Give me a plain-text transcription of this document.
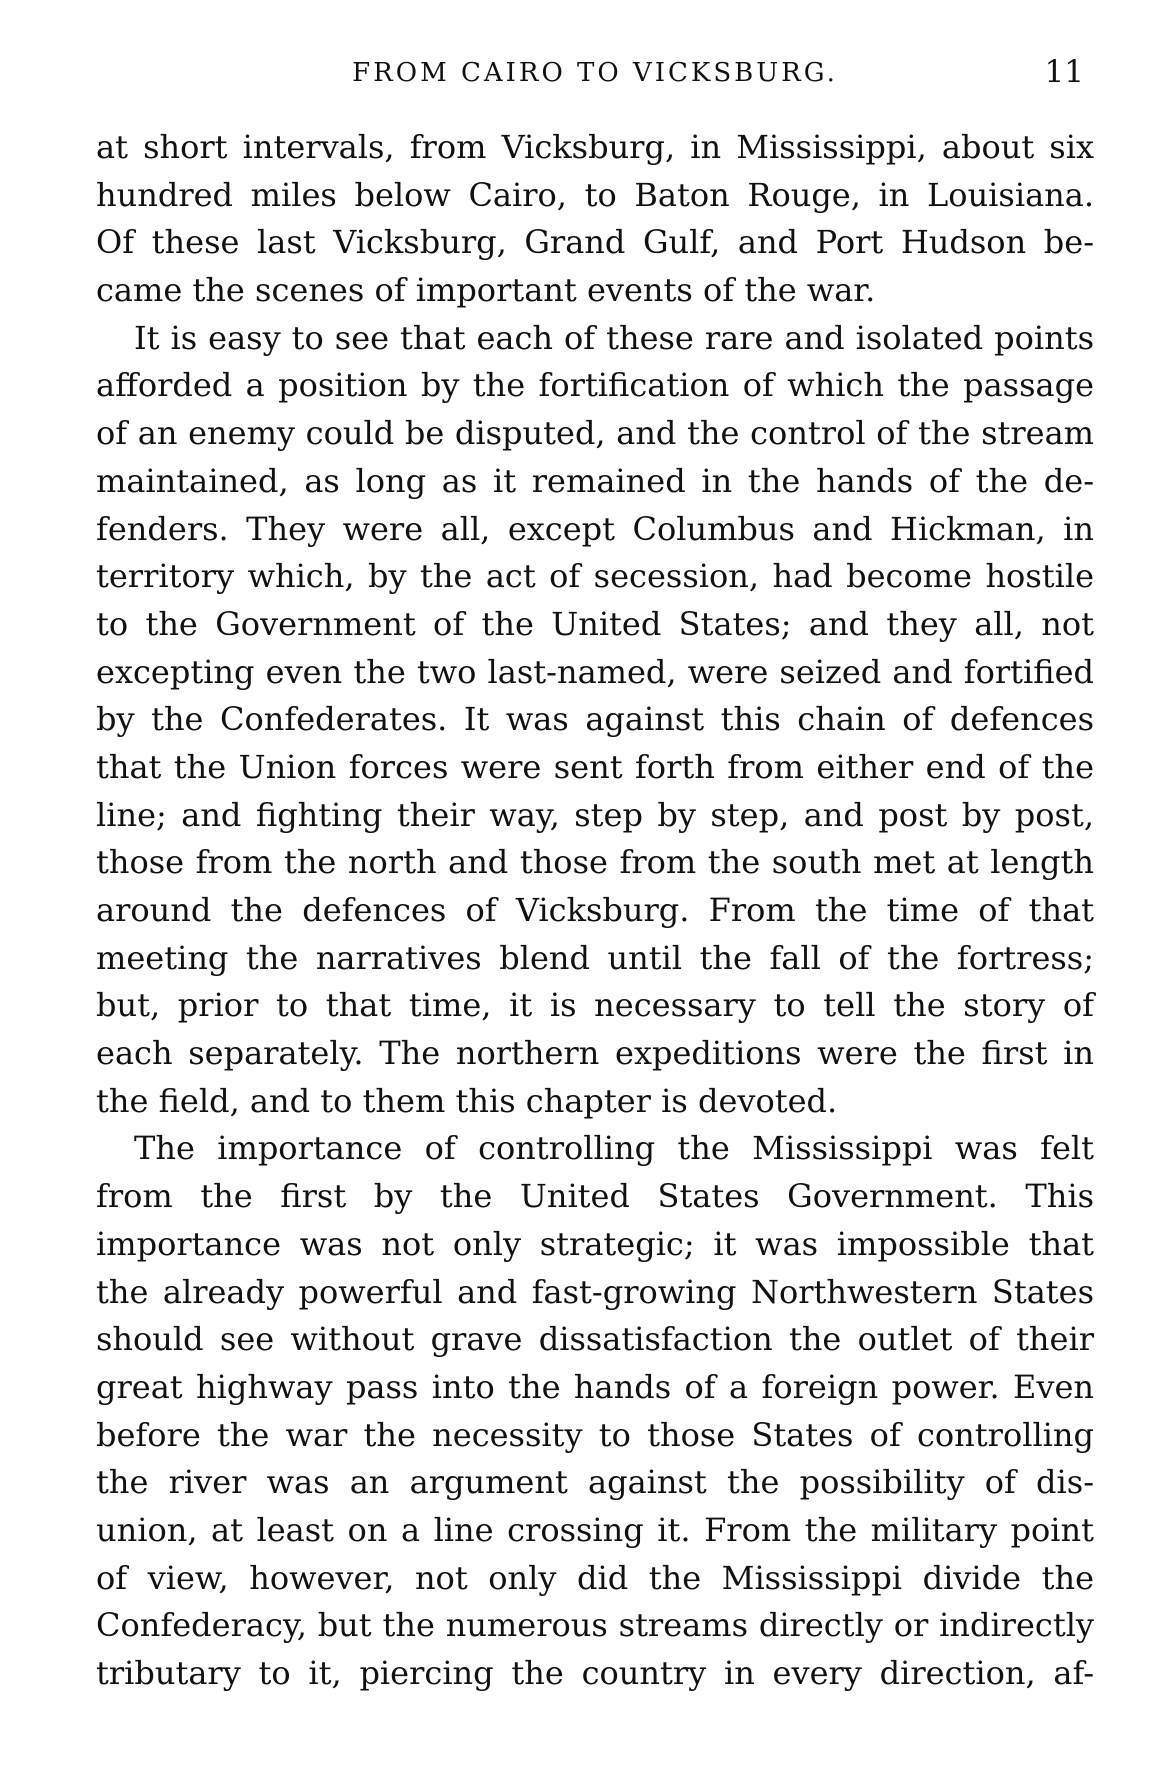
FROM CAIRO TO VICKSBURG.	11
at short intervals, from Vicksburg, in Mississippi, about six
hundred miles below Cairo, to Baton Rouge, in Louisiana.
Of these last Vicksburg, Grand Gulf, and Port Hudson be-
came the scenes of important events of the war.
It is easy to see that each of these rare and isolated points
afforded a position by the fortification of which the passage
of an enemy could be disputed, and the control of the stream
maintained, as long as it remained in the hands of the de-
fenders. They were all, except Columbus and Hickman, in
territory which, by the act of secession, had become hostile
to the Government of the United States; and they all, not
excepting even the two last-named, were seized and fortified
by the Confederates. It was against this chain of defences
that the Union forces were sent forth from either end of the
line; and fighting their way, step by step, and post by post,
those from the north and those from the south met at length
around the defences of Vicksburg. From the time of that
meeting the narratives blend until the fall of the fortress;
but, prior to that time, it is necessary to tell the story of
each separately. The northern expeditions were the first in
the field, and to them this chapter is devoted.
The importance of controlling the Mississippi was felt
from the first by the United States Government. This
importance was not only strategic; it was impossible that
the already powerful and fast-growing Northwestern States
should see without grave dissatisfaction the outlet of their
great highway pass into the hands of a foreign power. Even
before the war the necessity to those States of controlling
the river was an argument against the possibility of dis-
union, at least on a line crossing it. From the military point
of view, however, not only did the Mississippi divide the
Confederacy, but the numerous streams directly or indirectly
tributary to it, piercing the country in every direction, af-
